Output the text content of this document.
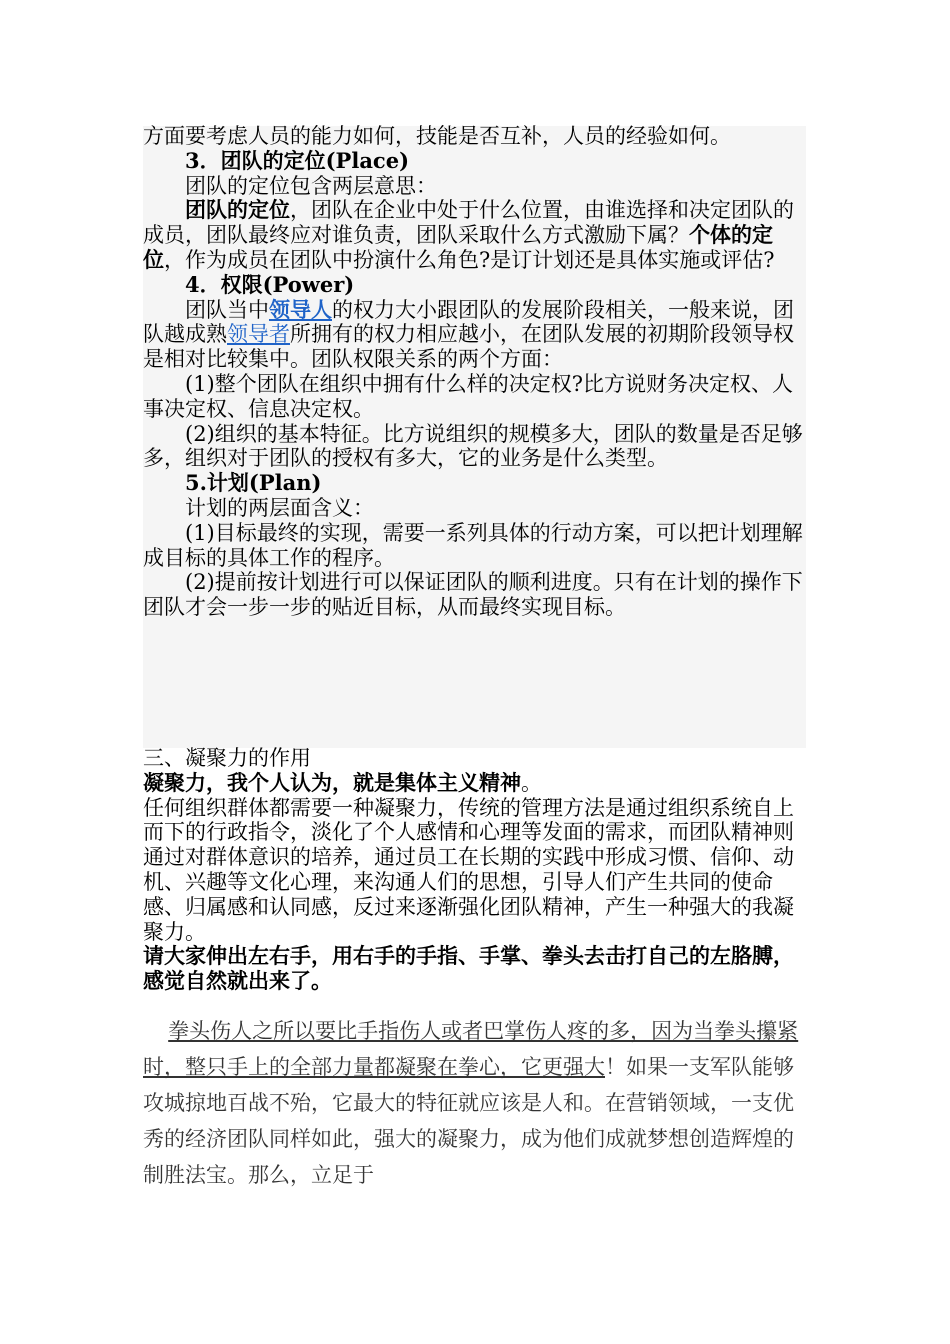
方面要考虑人员的能力如何，技能是否互补，人员的经验如何。

3．团队的定位(Place)

团队的定位包含两层意思：

团队的定位，团队在企业中处于什么位置，由谁选择和决定团队的成员，团队最终应对谁负责，团队采取什么方式激励下属？个体的定位，作为成员在团队中扮演什么角色?是订计划还是具体实施或评估?

4．权限(Power)

团队当中领导人的权力大小跟团队的发展阶段相关，一般来说，团队越成熟领导者所拥有的权力相应越小，在团队发展的初期阶段领导权是相对比较集中。团队权限关系的两个方面：

(1)整个团队在组织中拥有什么样的决定权?比方说财务决定权、人事决定权、信息决定权。

(2)组织的基本特征。比方说组织的规模多大，团队的数量是否足够多，组织对于团队的授权有多大，它的业务是什么类型。

5.计划(Plan)

计划的两层面含义：

(1)目标最终的实现，需要一系列具体的行动方案，可以把计划理解成目标的具体工作的程序。

(2)提前按计划进行可以保证团队的顺利进度。只有在计划的操作下团队才会一步一步的贴近目标，从而最终实现目标。

三、凝聚力的作用

凝聚力，我个人认为，就是集体主义精神。

任何组织群体都需要一种凝聚力，传统的管理方法是通过组织系统自上而下的行政指令，淡化了个人感情和心理等发面的需求，而团队精神则通过对群体意识的培养，通过员工在长期的实践中形成习惯、信仰、动机、兴趣等文化心理，来沟通人们的思想，引导人们产生共同的使命感、归属感和认同感，反过来逐渐强化团队精神，产生一种强大的我凝聚力。

请大家伸出左右手，用右手的手指、手掌、拳头去击打自己的左胳膊，感觉自然就出来了。

拳头伤人之所以要比手指伤人或者巴掌伤人疼的多，因为当拳头攥紧时，整只手上的全部力量都凝聚在拳心，它更强大！如果一支军队能够攻城掠地百战不殆，它最大的特征就应该是人和。在营销领域，一支优秀的经济团队同样如此，强大的凝聚力，成为他们成就梦想创造辉煌的制胜法宝。那么，立足于
